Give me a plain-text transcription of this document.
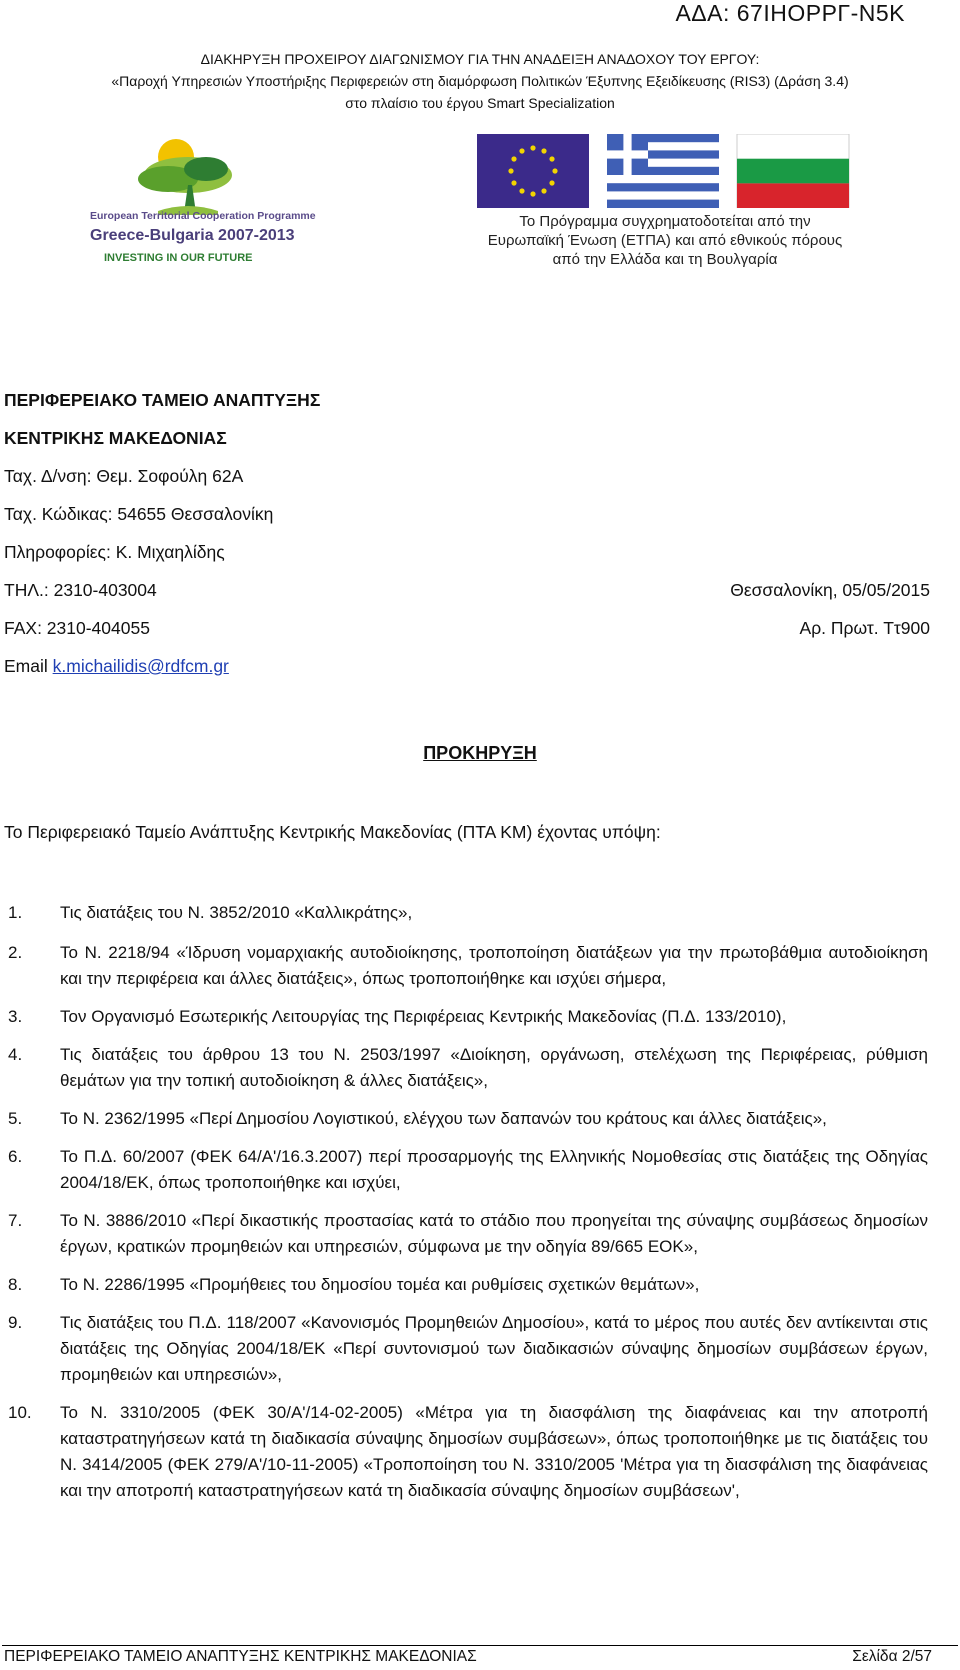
ΑΔΑ: 67ΙΗΟΡΡΓ-Ν5Κ
ΔΙΑΚΗΡΥΞΗ ΠΡΟΧΕΙΡΟΥ ΔΙΑΓΩΝΙΣΜΟΥ ΓΙΑ ΤΗΝ ΑΝΑΔΕΙΞΗ ΑΝΑΔΟΧΟΥ ΤΟΥ ΕΡΓΟΥ:
«Παροχή Υπηρεσιών Υποστήριξης Περιφερειών στη διαμόρφωση Πολιτικών Έξυπνης Εξειδίκευσης (RIS3) (Δράση 3.4)
στο πλαίσιο του έργου Smart Specialization
European Territorial Cooperation Programme
Greece-Bulgaria 2007-2013
INVESTING IN OUR FUTURE
Το Πρόγραμμα συγχρηματοδοτείται από την
Ευρωπαϊκή Ένωση (ΕΤΠΑ) και από εθνικούς πόρους
από την Ελλάδα και τη Βουλγαρία
ΠΕΡΙΦΕΡΕΙΑΚΟ ΤΑΜΕΙΟ ΑΝΑΠΤΥΞΗΣ
ΚΕΝΤΡΙΚΗΣ ΜΑΚΕΔΟΝΙΑΣ
Ταχ. Δ/νση: Θεμ. Σοφούλη 62Α
Ταχ. Κώδικας: 54655 Θεσσαλονίκη
Πληροφορίες: Κ. Μιχαηλίδης
ΤΗΛ.: 2310-403004	Θεσσαλονίκη, 05/05/2015
FAX: 2310-404055	Αρ. Πρωτ. Ττ900
Email k.michailidis@rdfcm.gr
ΠΡΟΚΗΡΥΞΗ
Το Περιφερειακό Ταμείο Ανάπτυξης Κεντρικής Μακεδονίας (ΠΤΑ ΚΜ) έχοντας υπόψη:
1. Τις διατάξεις του Ν. 3852/2010 «Καλλικράτης»,
2. Το Ν. 2218/94 «Ίδρυση νομαρχιακής αυτοδιοίκησης, τροποποίηση διατάξεων για την πρωτοβάθμια αυτοδιοίκηση και την περιφέρεια και άλλες διατάξεις», όπως τροποποιήθηκε και ισχύει σήμερα,
3. Τον Οργανισμό Εσωτερικής Λειτουργίας της Περιφέρειας Κεντρικής Μακεδονίας (Π.Δ. 133/2010),
4. Τις διατάξεις του άρθρου 13 του Ν. 2503/1997 «Διοίκηση, οργάνωση, στελέχωση της Περιφέρειας, ρύθμιση θεμάτων για την τοπική αυτοδιοίκηση & άλλες διατάξεις»,
5. Το Ν. 2362/1995 «Περί Δημοσίου Λογιστικού, ελέγχου των δαπανών του κράτους και άλλες διατάξεις»,
6. Το Π.Δ. 60/2007 (ΦΕΚ 64/Α'/16.3.2007) περί προσαρμογής της Ελληνικής Νομοθεσίας στις διατάξεις της Οδηγίας 2004/18/ΕΚ, όπως τροποποιήθηκε και ισχύει,
7. Το Ν. 3886/2010 «Περί δικαστικής προστασίας κατά το στάδιο που προηγείται της σύναψης συμβάσεως δημοσίων έργων, κρατικών προμηθειών και υπηρεσιών, σύμφωνα με την οδηγία 89/665 ΕΟΚ»,
8. Το Ν. 2286/1995 «Προμήθειες του δημοσίου τομέα και ρυθμίσεις σχετικών θεμάτων»,
9. Τις διατάξεις του Π.Δ. 118/2007 «Κανονισμός Προμηθειών Δημοσίου», κατά το μέρος που αυτές δεν αντίκεινται στις διατάξεις της Οδηγίας 2004/18/ΕΚ «Περί συντονισμού των διαδικασιών σύναψης δημοσίων συμβάσεων έργων, προμηθειών και υπηρεσιών»,
10. Το Ν. 3310/2005 (ΦΕΚ 30/Α'/14-02-2005) «Μέτρα για τη διασφάλιση της διαφάνειας και την αποτροπή καταστρατηγήσεων κατά τη διαδικασία σύναψης δημοσίων συμβάσεων», όπως τροποποιήθηκε με τις διατάξεις του Ν. 3414/2005 (ΦΕΚ 279/Α'/10-11-2005) «Τροποποίηση του Ν. 3310/2005 'Μέτρα για τη διασφάλιση της διαφάνειας και την αποτροπή καταστρατηγήσεων κατά τη διαδικασία σύναψης δημοσίων συμβάσεων',
ΠΕΡΙΦΕΡΕΙΑΚΟ ΤΑΜΕΙΟ ΑΝΑΠΤΥΞΗΣ ΚΕΝΤΡΙΚΗΣ ΜΑΚΕΔΟΝΙΑΣ	Σελίδα 2/57
